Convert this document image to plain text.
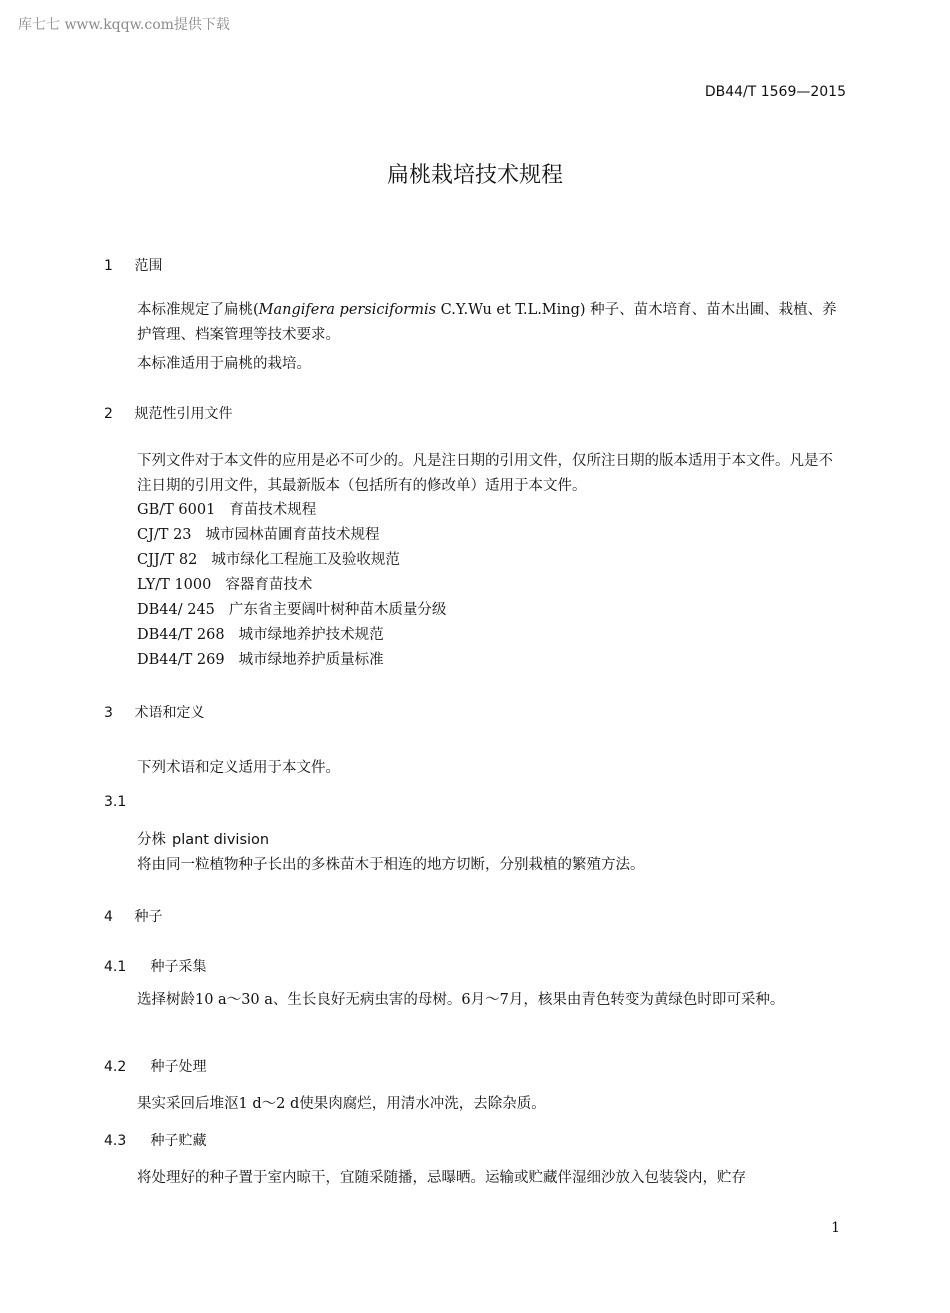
库七七 www.kqqw.com提供下载
DB44/T 1569—2015
扁桃栽培技术规程
1 范围
本标准规定了扁桃(Mangifera persiciformis C.Y.Wu et T.L.Ming) 种子、苗木培育、苗木出圃、栽植、养护管理、档案管理等技术要求。
本标准适用于扁桃的栽培。
2 规范性引用文件
下列文件对于本文件的应用是必不可少的。凡是注日期的引用文件，仅所注日期的版本适用于本文件。凡是不注日期的引用文件，其最新版本（包括所有的修改单）适用于本文件。
GB/T 6001 育苗技术规程
CJ/T 23 城市园林苗圃育苗技术规程
CJJ/T 82 城市绿化工程施工及验收规范
LY/T 1000 容器育苗技术
DB44/ 245 广东省主要阔叶树种苗木质量分级
DB44/T 268 城市绿地养护技术规范
DB44/T 269 城市绿地养护质量标准
3 术语和定义
下列术语和定义适用于本文件。
3.1
分株 plant division
将由同一粒植物种子长出的多株苗木于相连的地方切断，分别栽植的繁殖方法。
4 种子
4.1 种子采集
选择树龄10 a～30 a、生长良好无病虫害的母树。6月～7月，核果由青色转变为黄绿色时即可采种。
4.2 种子处理
果实采回后堆沤1 d～2 d使果肉腐烂，用清水冲洗，去除杂质。
4.3 种子贮藏
将处理好的种子置于室内晾干，宜随采随播，忌曝晒。运输或贮藏伴湿细沙放入包装袋内，贮存
1
